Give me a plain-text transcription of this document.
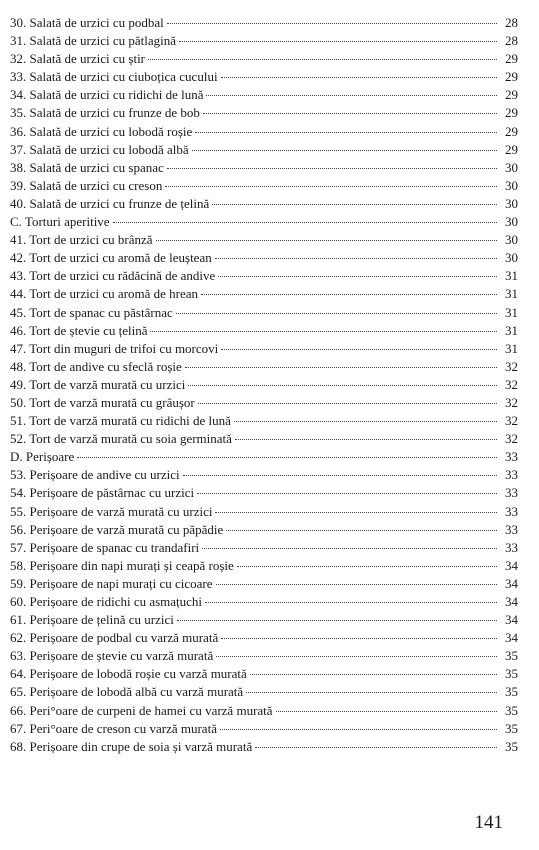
30. Salată de urzici cu podbal	28
31. Salată de urzici cu pătlagină	28
32. Salată de urzici cu știr	29
33. Salată de urzici cu ciuboțica cucului	29
34. Salată de urzici cu ridichi de lună	29
35. Salată de urzici cu frunze de bob	29
36. Salată de urzici cu lobodă roșie	29
37. Salată de urzici cu lobodă albă	29
38. Salată de urzici cu spanac	30
39. Salată de urzici cu creson	30
40. Salată de urzici cu frunze de țelină	30
C. Torturi aperitive	30
41. Tort de urzici cu brânză	30
42. Tort de urzici cu aromă de leuștean	30
43. Tort de urzici cu rădăcină de andive	31
44. Tort de urzici cu aromă de hrean	31
45. Tort de spanac cu păstârnac	31
46. Tort de ștevie cu țelină	31
47. Tort din muguri de trifoi cu morcovi	31
48. Tort de andive cu sfeclă roșie	32
49. Tort de varză murată cu urzici	32
50. Tort de varză murată cu grâușor	32
51. Tort de varză murată cu ridichi de lună	32
52. Tort de varză murată cu soia germinată	32
D. Perișoare	33
53. Perișoare de andive cu urzici	33
54. Perișoare de păstârnac cu urzici	33
55. Perișoare de varză murată cu urzici	33
56. Perișoare de varză murată cu păpădie	33
57. Perișoare de spanac cu trandafiri	33
58. Perișoare din napi murați și ceapă roșie	34
59. Perișoare de napi murați cu cicoare	34
60. Perișoare de ridichi cu asmațuchi	34
61. Perișoare de țelină cu urzici	34
62. Perișoare de podbal cu varză murată	34
63. Perișoare de ștevie cu varză murată	35
64. Perișoare de lobodă roșie cu varză murată	35
65. Perișoare de lobodă albă cu varză murată	35
66. Peri°oare de curpeni de hamei cu varză murată	35
67. Peri°oare de creson cu varză murată	35
68. Perișoare din crupe de soia și varză murată	35
141
